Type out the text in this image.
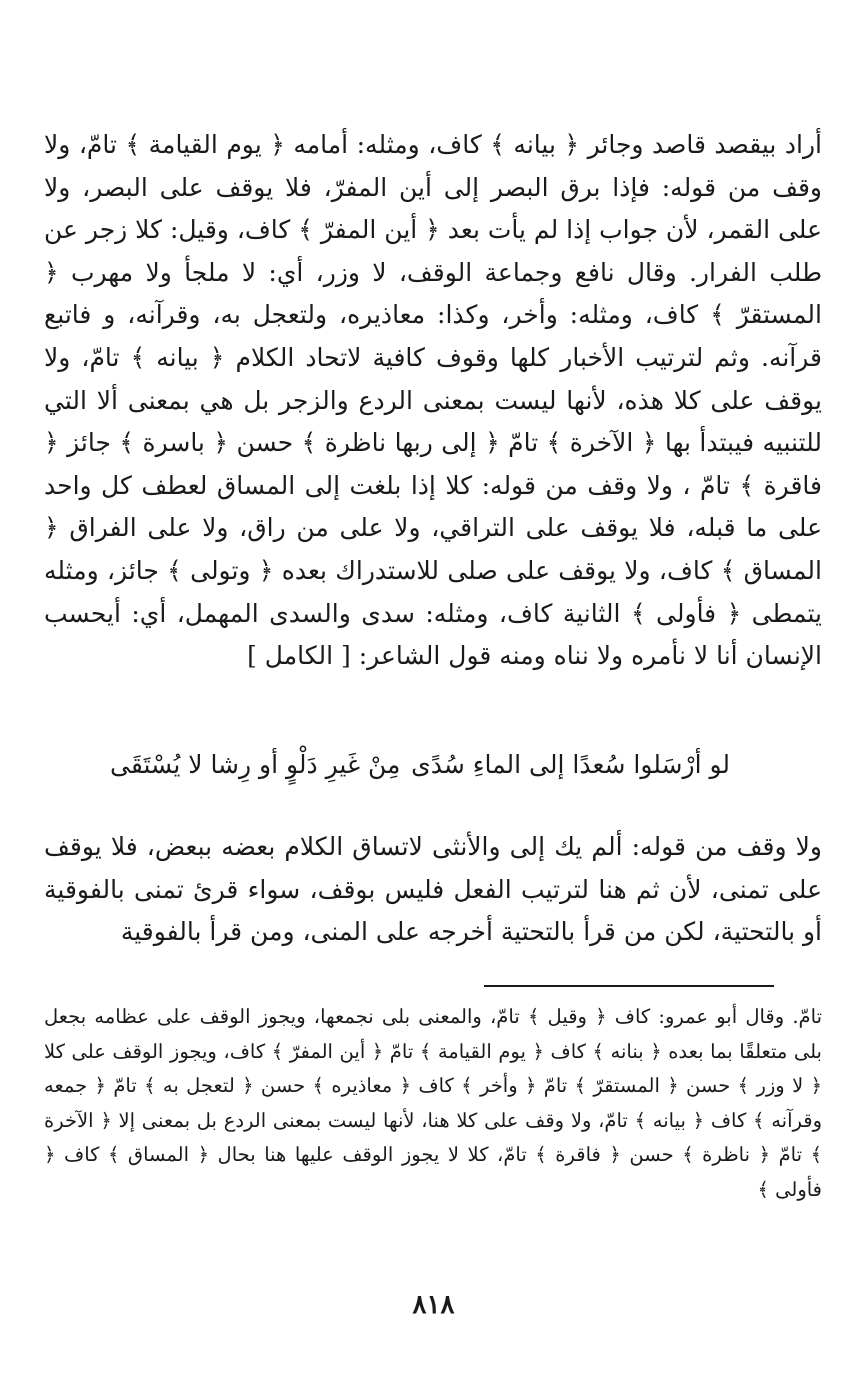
أراد بيقصد قاصد وجائر ﴿ بيانه ﴾ كاف، ومثله: أمامه ﴿ يوم القيامة ﴾ تامّ، ولا وقف من قوله: فإذا برق البصر إلى أين المفرّ، فلا يوقف على البصر، ولا على القمر، لأن جواب إذا لم يأت بعد ﴿ أين المفرّ ﴾ كاف، وقيل: كلا زجر عن طلب الفرار. وقال نافع وجماعة الوقف، لا وزر، أي: لا ملجأ ولا مهرب ﴿ المستقرّ ﴾ كاف، ومثله: وأخر، وكذا: معاذيره، ولتعجل به، وقرآنه، و فاتبع قرآنه. وثم لترتيب الأخبار كلها وقوف كافية لاتحاد الكلام ﴿ بيانه ﴾ تامّ، ولا يوقف على كلا هذه، لأنها ليست بمعنى الردع والزجر بل هي بمعنى ألا التي للتنبيه فيبتدأ بها ﴿ الآخرة ﴾ تامّ ﴿ إلى ربها ناظرة ﴾ حسن ﴿ باسرة ﴾ جائز ﴿ فاقرة ﴾ تامّ ، ولا وقف من قوله: كلا إذا بلغت إلى المساق لعطف كل واحد على ما قبله، فلا يوقف على التراقي، ولا على من راق، ولا على الفراق ﴿ المساق ﴾ كاف، ولا يوقف على صلى للاستدراك بعده ﴿ وتولى ﴾ جائز، ومثله يتمطى ﴿ فأولى ﴾ الثانية كاف، ومثله: سدى والسدى المهمل، أي: أيحسب الإنسان أنا لا نأمره ولا نناه ومنه قول الشاعر: [ الكامل ]

لو أرْسَلوا سُعدًا إلى الماءِ سُدًى
مِنْ غَيرِ دَلْوٍ أو رِشا لا يُسْتَقَى

ولا وقف من قوله: ألم يك إلى والأنثى لاتساق الكلام بعضه ببعض، فلا يوقف على تمنى، لأن ثم هنا لترتيب الفعل فليس بوقف، سواء قرئ تمنى بالفوقية أو بالتحتية، لكن من قرأ بالتحتية أخرجه على المنى، ومن قرأ بالفوقية

تامّ. وقال أبو عمرو: كاف ﴿ وقيل ﴾ تامّ، والمعنى بلى نجمعها، ويجوز الوقف على عظامه بجعل بلى متعلقًا بما بعده ﴿ بنانه ﴾ كاف ﴿ يوم القيامة ﴾ تامّ ﴿ أين المفرّ ﴾ كاف، ويجوز الوقف على كلا ﴿ لا وزر ﴾ حسن ﴿ المستقرّ ﴾ تامّ ﴿ وأخر ﴾ كاف ﴿ معاذيره ﴾ حسن ﴿ لتعجل به ﴾ تامّ ﴿ جمعه وقرآنه ﴾ كاف ﴿ بيانه ﴾ تامّ، ولا وقف على كلا هنا، لأنها ليست بمعنى الردع بل بمعنى إلا ﴿ الآخرة ﴾ تامّ ﴿ ناظرة ﴾ حسن ﴿ فاقرة ﴾ تامّ، كلا لا يجوز الوقف عليها هنا بحال ﴿ المساق ﴾ كاف ﴿ فأولى ﴾

٨١٨
